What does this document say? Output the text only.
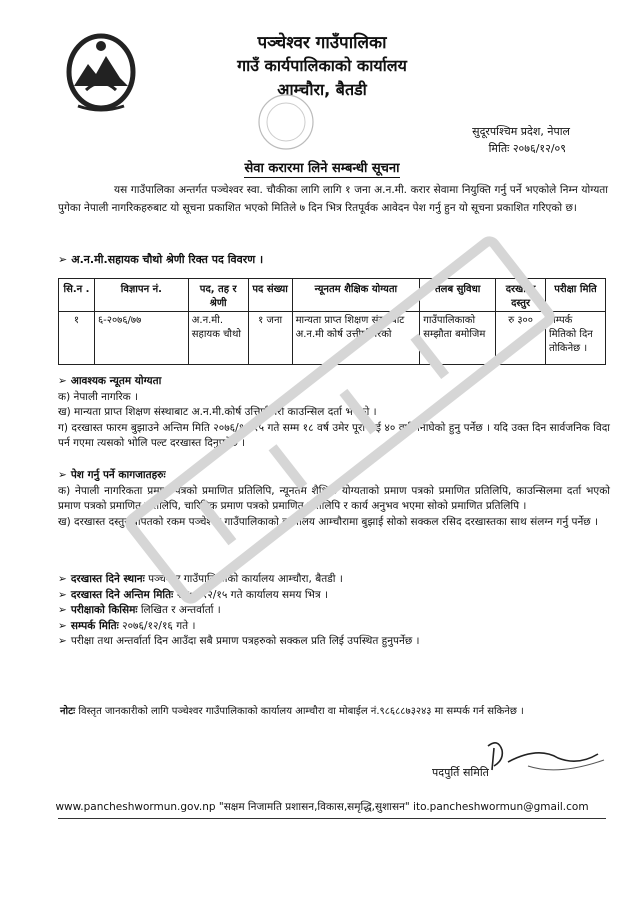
पञ्चेश्वर गाउँपालिका
गाउँ कार्यपालिकाको कार्यालय
आम्चौरा, बैतडी
सुदूरपश्चिम प्रदेश, नेपाल
मितिः २०७६/१२/०९
सेवा करारमा लिने सम्बन्धी सूचना
यस गाउँपालिका अन्तर्गत पञ्चेश्वर स्वा. चौकीका लागि लागि १ जना अ.न.मी. करार सेवामा नियुक्ति गर्नु पर्ने भएकोले निम्न योग्यता पुगेका नेपाली नागरिकहरुबाट यो सूचना प्रकाशित भएको मितिले ७ दिन भित्र रितपूर्वक आवेदन पेश गर्नु हुन यो सूचना प्रकाशित गरिएको छ।
➢ अ.न.मी.सहायक चौथो श्रेणी रिक्त पद विवरण ।
सि.न .	विज्ञापन नं.	पद, तह र श्रेणी	पद संख्या	न्यूनतम शैक्षिक योग्यता	तलब सुविधा	दरखास्त दस्तुर	परीक्षा मिति
१	६-२०७६/७७	अ.न.मी. सहायक चौथो	१ जना	मान्यता प्राप्त शिक्षण संस्थाबाट अ.न.मी कोर्ष उत्तीर्ण गरेको	गाउँपालिकाको सम्झौता बमोजिम	रु ३००	सम्पर्क मितिको दिन तोकिनेछ ।

➢ आवश्यक न्यूतम योग्यता

क) नेपाली नागरिक ।

ख) मान्यता प्राप्त शिक्षण संस्थाबाट अ.न.मी.कोर्ष उत्तिर्ण गरी काउन्सिल दर्ता भएको ।

ग) दरखास्त फारम बुझाउने अन्तिम मिति २०७६/१२/१५ गते सम्म १८ वर्ष उमेर पूरा भई ४० वर्ष ननाघेको हुनु पर्नेछ । यदि उक्त दिन सार्वजनिक विदा पर्न गएमा त्यसको भोलि पल्ट दरखास्त दिनुपर्नेछ ।

➢ पेश गर्नु पर्ने कागजातहरुः

क) नेपाली नागरिकता प्रमाण पत्रको प्रमाणित प्रतिलिपि, न्यूनतम शैक्षिक योग्यताको प्रमाण पत्रको प्रमाणित प्रतिलिपि, काउन्सिलमा दर्ता भएको प्रमाण पत्रको प्रमाणित प्रतिलिपि, चारित्रिक प्रमाण पत्रको प्रमाणित प्रतिलिपि र कार्य अनुभव भएमा सोको प्रमाणित प्रतिलिपि ।

ख) दरखास्त दस्तुर बापतको रकम पञ्चेश्वर गाउँपालिकाको कार्यालय आम्चौरामा बुझाई सोको सक्कल रसिद दरखास्तका साथ संलग्न गर्नु पर्नेछ ।

➢ दरखास्त दिने स्थानः पञ्चेश्वर गाउँपालिकाको कार्यालय आम्चौरा, बैतडी ।

➢ दरखास्त दिने अन्तिम मितिः २०७६/१२/१५ गते कार्यालय समय भित्र ।

➢ परीक्षाको किसिमः लिखित र अन्तर्वार्ता ।

➢ सम्पर्क मितिः २०७६/१२/१६ गते ।

➢ परीक्षा तथा अन्तर्वार्ता दिन आउँदा सबै प्रमाण पत्रहरुको सक्कल प्रति लिई उपस्थित हुनुपर्नेछ ।

नोटः विस्तृत जानकारीको लागि पञ्चेश्वर गाउँपालिकाको कार्यालय आम्चौरा वा मोबाईल नं.९८६८८७३२४३ मा सम्पर्क गर्न सकिनेछ ।
पदपुर्ति समिति
www.pancheshwormun.gov.np "सक्षम निजामति प्रशासन,विकास,समृद्धि,सुशासन" ito.pancheshwormun@gmail.com
